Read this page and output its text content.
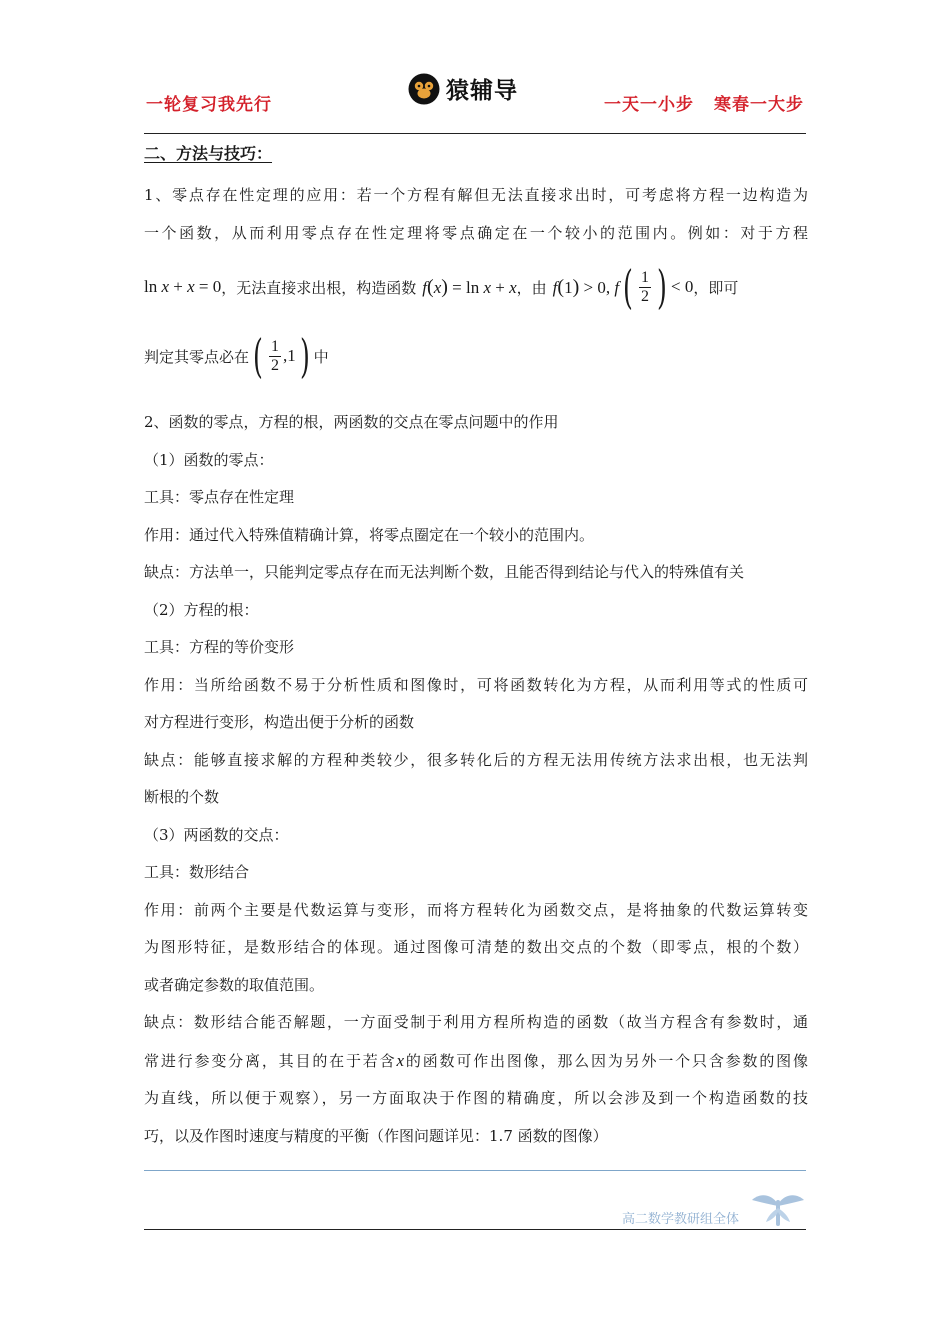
一轮复习我先行
猿辅导
一天一小步 寒春一大步

二、方法与技巧：

1、零点存在性定理的应用：若一个方程有解但无法直接求出时，可考虑将方程一边构造为

一个函数，从而利用零点存在性定理将零点确定在一个较小的范围内。例如：对于方程

ln x + x = 0 ，无法直接求出根，构造函数 f(x) = ln x + x ，由 f(1) > 0, f ( $\frac{1}{2}$ ) < 0 ，即可
判定其零点必在 ( $\frac{1}{2} ,1$ ) 中

2、函数的零点，方程的根，两函数的交点在零点问题中的作用

（1）函数的零点：

工具：零点存在性定理

作用：通过代入特殊值精确计算，将零点圈定在一个较小的范围内。

缺点：方法单一，只能判定零点存在而无法判断个数，且能否得到结论与代入的特殊值有关

（2）方程的根：

工具：方程的等价变形

作用：当所给函数不易于分析性质和图像时，可将函数转化为方程，从而利用等式的性质可

对方程进行变形，构造出便于分析的函数

缺点：能够直接求解的方程种类较少，很多转化后的方程无法用传统方法求出根，也无法判

断根的个数

（3）两函数的交点：

工具：数形结合

作用：前两个主要是代数运算与变形，而将方程转化为函数交点，是将抽象的代数运算转变

为图形特征，是数形结合的体现。通过图像可清楚的数出交点的个数（即零点，根的个数）

或者确定参数的取值范围。

缺点：数形结合能否解题，一方面受制于利用方程所构造的函数（故当方程含有参数时，通

常进行参变分离，其目的在于若含x的函数可作出图像，那么因为另外一个只含参数的图像

为直线，所以便于观察），另一方面取决于作图的精确度，所以会涉及到一个构造函数的技

巧，以及作图时速度与精度的平衡（作图问题详见：1.7 函数的图像）

高二数学教研组全体
